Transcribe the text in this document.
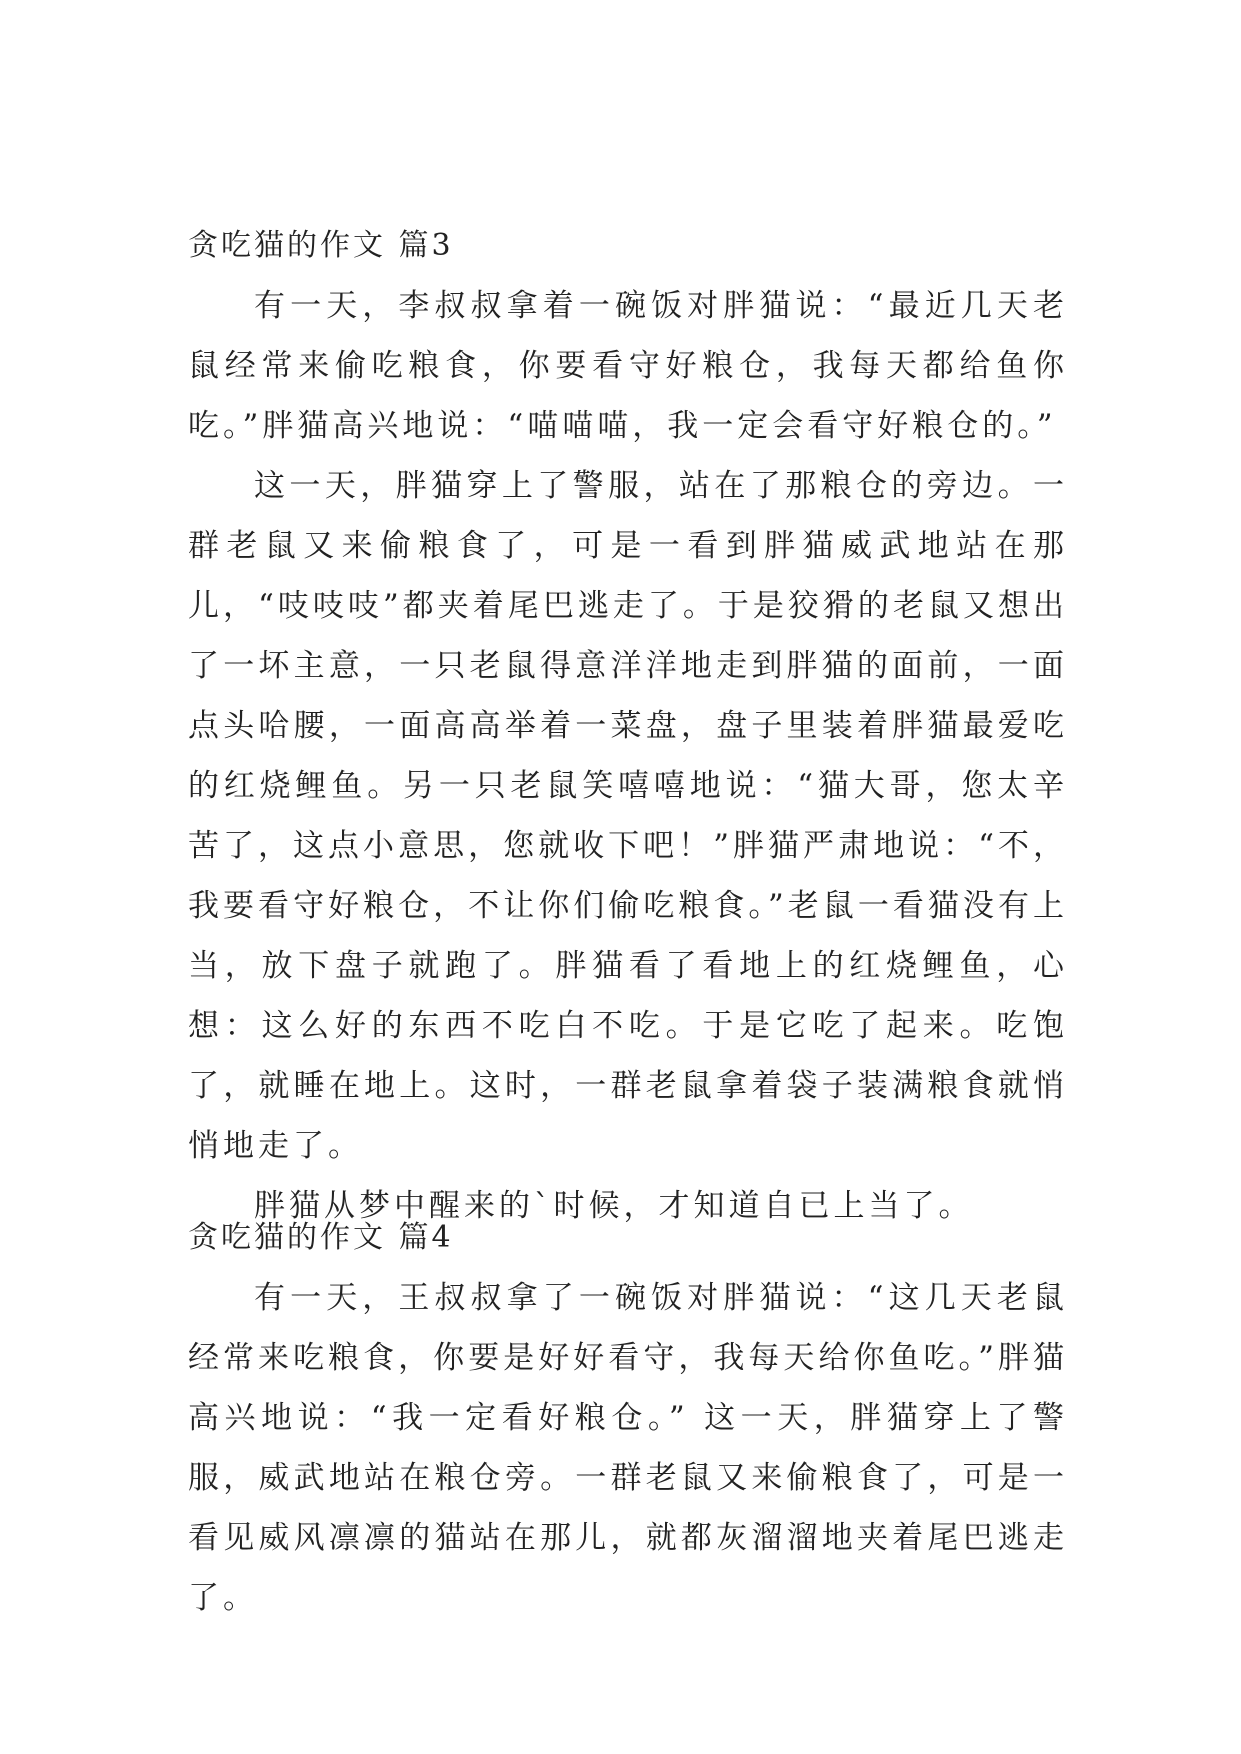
贪吃猫的作文 篇3

有一天，李叔叔拿着一碗饭对胖猫说：“最近几天老鼠经常来偷吃粮食，你要看守好粮仓，我每天都给鱼你吃。”胖猫高兴地说：“喵喵喵，我一定会看守好粮仓的。”

这一天，胖猫穿上了警服，站在了那粮仓的旁边。一群老鼠又来偷粮食了，可是一看到胖猫威武地站在那儿，“吱吱吱”都夹着尾巴逃走了。于是狡猾的老鼠又想出了一坏主意，一只老鼠得意洋洋地走到胖猫的面前，一面点头哈腰，一面高高举着一菜盘，盘子里装着胖猫最爱吃的红烧鲤鱼。另一只老鼠笑嘻嘻地说：“猫大哥，您太辛苦了，这点小意思，您就收下吧！”胖猫严肃地说：“不，我要看守好粮仓，不让你们偷吃粮食。”老鼠一看猫没有上当，放下盘子就跑了。胖猫看了看地上的红烧鲤鱼，心想：这么好的东西不吃白不吃。于是它吃了起来。吃饱了，就睡在地上。这时，一群老鼠拿着袋子装满粮食就悄悄地走了。

胖猫从梦中醒来的`时候，才知道自已上当了。

贪吃猫的作文 篇4

有一天，王叔叔拿了一碗饭对胖猫说：“这几天老鼠经常来吃粮食，你要是好好看守，我每天给你鱼吃。”胖猫高兴地说：“我一定看好粮仓。” 这一天，胖猫穿上了警服，威武地站在粮仓旁。一群老鼠又来偷粮食了，可是一看见威风凛凛的猫站在那儿，就都灰溜溜地夹着尾巴逃走了。
